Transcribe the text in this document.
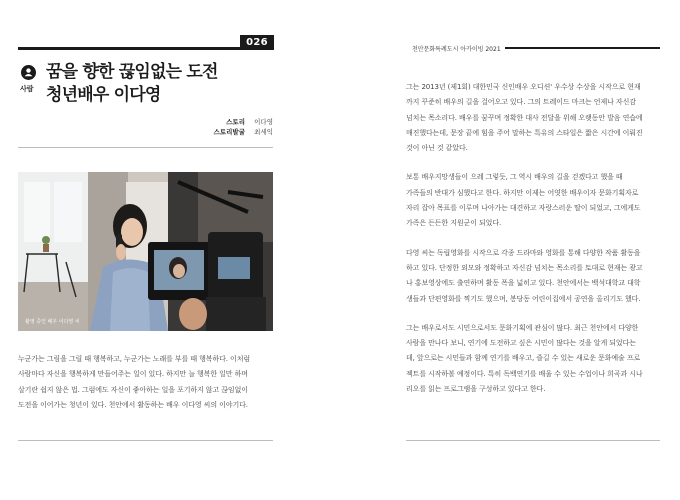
026
사람
꿈을 향한 끊임없는 도전
청년배우 이다영
스토리 이다영
스토리발굴 최세익
촬영 중인 배우 이다영 씨
누군가는 그림을 그릴 때 행복하고, 누군가는 노래를 부를 때 행복하다. 이처럼
사람마다 자신을 행복하게 만들어주는 일이 있다. 하지만 늘 행복한 일만 하며
살기란 쉽지 않은 법. 그럼에도 자신이 좋아하는 일을 포기하지 않고 끊임없이
도전을 이어가는 청년이 있다. 천안에서 활동하는 배우 이다영 씨의 이야기다.
천안문화특례도시 아카이빙 2021
그는 2013년 (제1회) 대한민국 신인배우 오디션' 우수상 수상을 시작으로 현재
까지 꾸준히 배우의 길을 걸어오고 있다. 그의 트레이드 마크는 언제나 자신감
넘치는 목소리다. 배우를 꿈꾸며 정확한 대사 전달을 위해 오랫동안 발음 연습에
매진했다는데, 문장 끝에 힘을 주어 말하는 특유의 스타일은 짧은 시간에 이뤄진
것이 아닌 것 같았다.
보통 배우지망생들이 으레 그렇듯, 그 역시 배우의 길을 걷겠다고 했을 때
가족들의 반대가 심했다고 한다. 하지만 이제는 어엿한 배우이자 문화기획자로
자리 잡아 목표를 이루며 나아가는 대견하고 자랑스러운 딸이 되었고, 그에게도
가족은 든든한 지원군이 되었다.
다영 씨는 독립영화를 시작으로 각종 드라마와 영화를 통해 다양한 작품 활동을
하고 있다. 단정한 외모와 정확하고 자신감 넘치는 목소리를 토대로 현재는 광고
나 홍보영상에도 출연하며 활동 폭을 넓히고 있다. 천안에서는 백석대학교 대학
생들과 단편영화를 찍기도 했으며, 봉당동 어린이집에서 공연을 올리기도 했다.
그는 배우로서도 시민으로서도 문화기획에 관심이 많다. 최근 천안에서 다양한
사람을 만나다 보니, 연기에 도전하고 싶은 시민이 많다는 것을 알게 되었다는
데, 앞으로는 시민들과 함께 연기를 배우고, 즐길 수 있는 새로운 문화예술 프로
젝트를 시작하볼 예정이다. 특히 독백연기를 배울 수 있는 수업이나 희곡과 시나
리오를 읽는 프로그램을 구성하고 있다고 한다.
